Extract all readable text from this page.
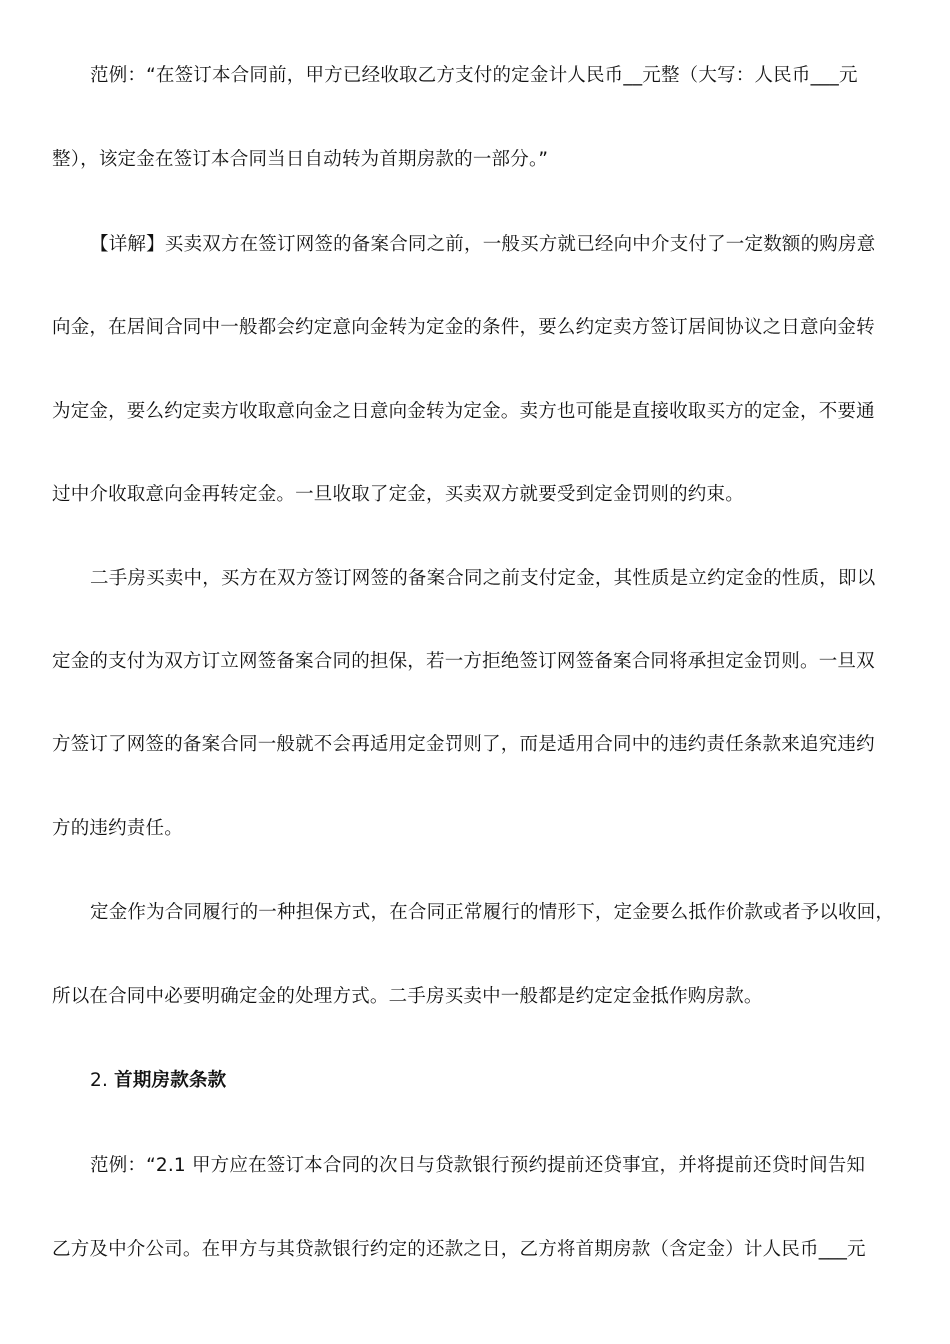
范例：“在签订本合同前，甲方已经收取乙方支付的定金计人民币__元整（大写：人民币___元
整），该定金在签订本合同当日自动转为首期房款的一部分。”
【详解】买卖双方在签订网签的备案合同之前，一般买方就已经向中介支付了一定数额的购房意
向金，在居间合同中一般都会约定意向金转为定金的条件，要么约定卖方签订居间协议之日意向金转
为定金，要么约定卖方收取意向金之日意向金转为定金。卖方也可能是直接收取买方的定金，不要通
过中介收取意向金再转定金。一旦收取了定金，买卖双方就要受到定金罚则的约束。
二手房买卖中，买方在双方签订网签的备案合同之前支付定金，其性质是立约定金的性质，即以
定金的支付为双方订立网签备案合同的担保，若一方拒绝签订网签备案合同将承担定金罚则。一旦双
方签订了网签的备案合同一般就不会再适用定金罚则了，而是适用合同中的违约责任条款来追究违约
方的违约责任。
定金作为合同履行的一种担保方式，在合同正常履行的情形下，定金要么抵作价款或者予以收回，
所以在合同中必要明确定金的处理方式。二手房买卖中一般都是约定定金抵作购房款。
2. 首期房款条款
范例：“2.1 甲方应在签订本合同的次日与贷款银行预约提前还贷事宜，并将提前还贷时间告知
乙方及中介公司。在甲方与其贷款银行约定的还款之日，乙方将首期房款（含定金）计人民币___元
